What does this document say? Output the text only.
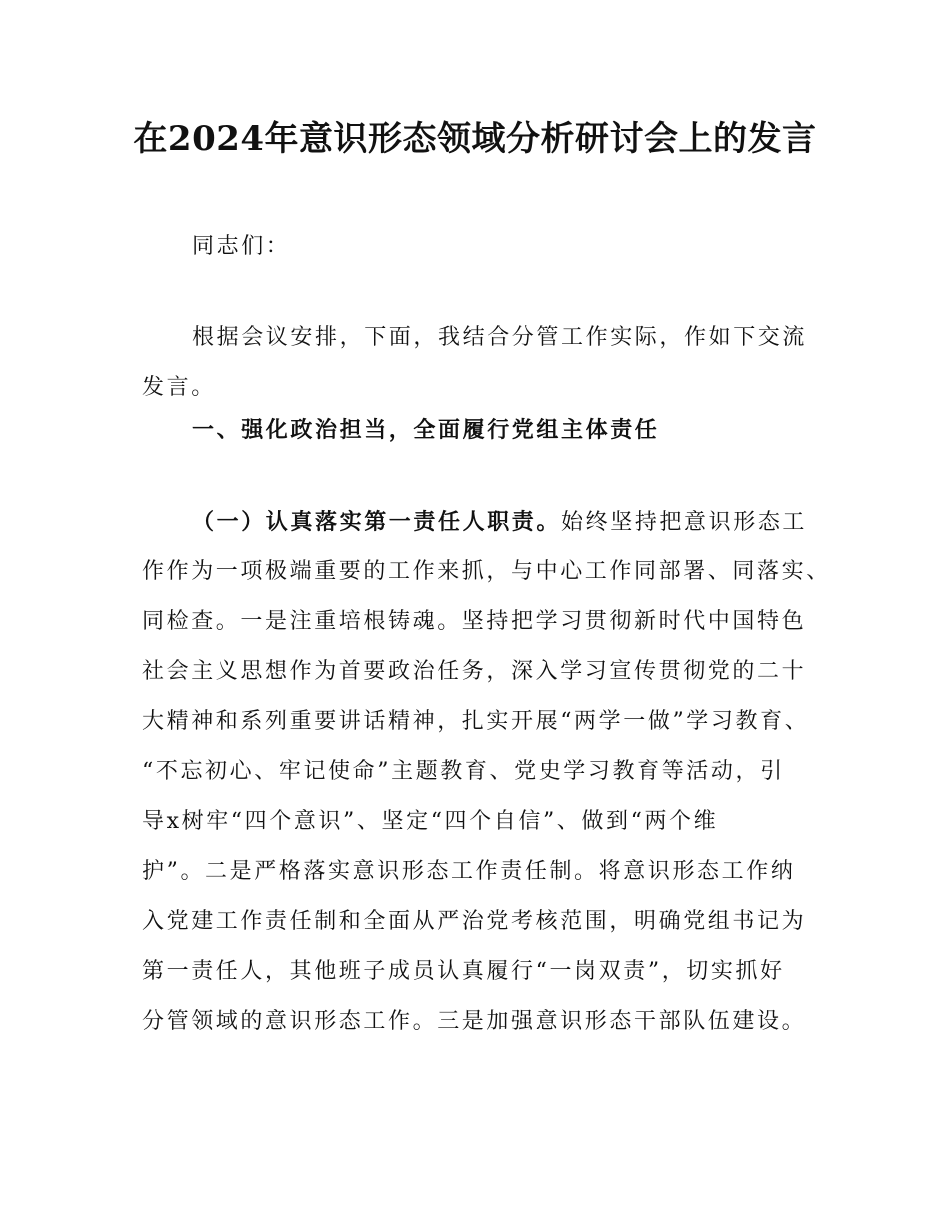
在2024年意识形态领域分析研讨会上的发言
同志们：
根据会议安排，下面，我结合分管工作实际，作如下交流
发言。
一、强化政治担当，全面履行党组主体责任
（一）认真落实第一责任人职责。始终坚持把意识形态工
作作为一项极端重要的工作来抓，与中心工作同部署、同落实、
同检查。一是注重培根铸魂。坚持把学习贯彻新时代中国特色
社会主义思想作为首要政治任务，深入学习宣传贯彻党的二十
大精神和系列重要讲话精神，扎实开展“两学一做”学习教育、
“不忘初心、牢记使命”主题教育、党史学习教育等活动，引
导x树牢“四个意识”、坚定“四个自信”、做到“两个维
护”。二是严格落实意识形态工作责任制。将意识形态工作纳
入党建工作责任制和全面从严治党考核范围，明确党组书记为
第一责任人，其他班子成员认真履行“一岗双责”，切实抓好
分管领域的意识形态工作。三是加强意识形态干部队伍建设。
